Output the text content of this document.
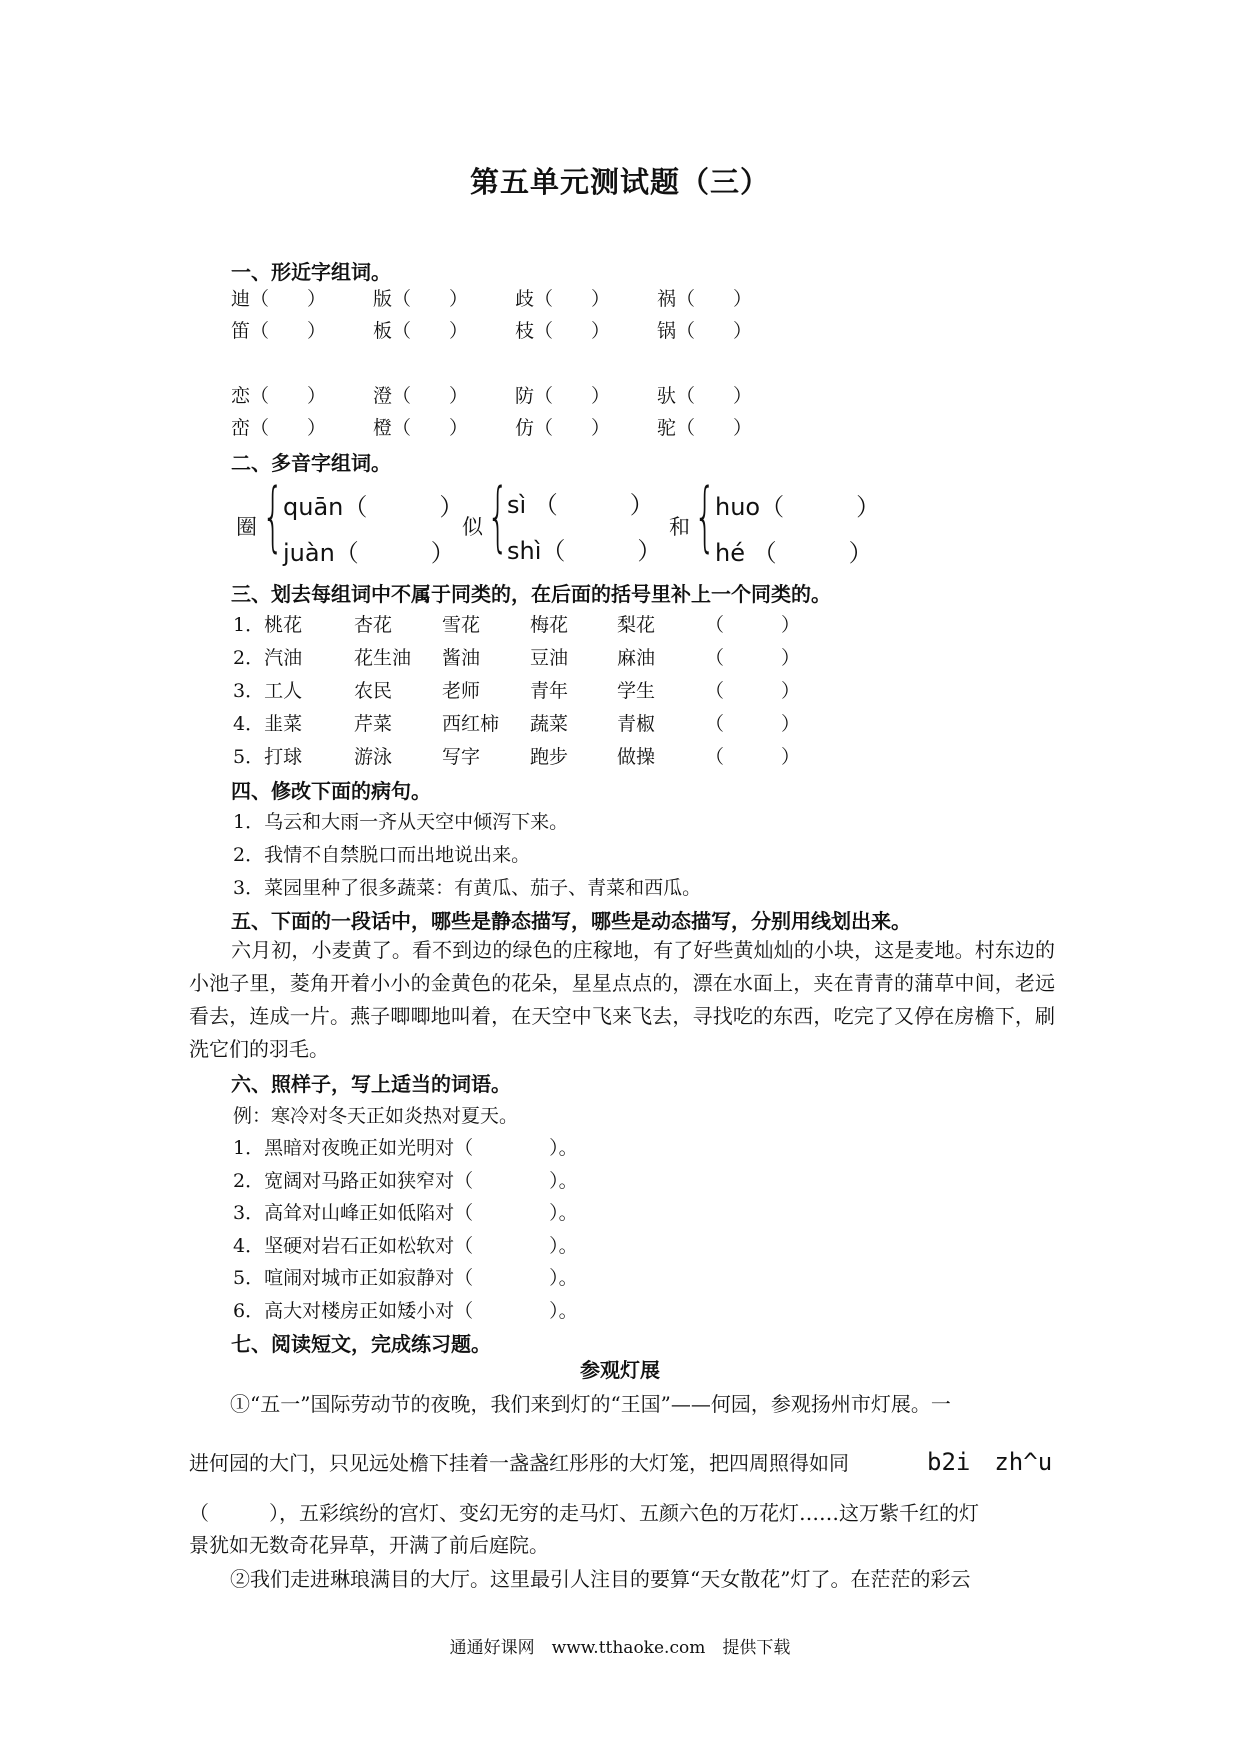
第五单元测试题（三）
一、形近字组词。
迪（　　） 版（　　） 歧（　　） 祸（　　）
笛（　　） 板（　　） 枝（　　） 锅（　　）
恋（　　） 澄（　　） 防（　　） 驮（　　）
峦（　　） 橙（　　） 仿（　　） 驼（　　）
二、多音字组词。
圈 { quān（　　　）
juàn（　　　）
似 {
sì （　　　）
shì（　　　）
和 { huo（　　　）
hé （　　　）
三、划去每组词中不属于同类的，在后面的括号里补上一个同类的。
1．桃花	杏花	雪花	梅花	梨花	（　　　）
2．汽油	花生油 酱油	豆油	麻油	（　　　）
3．工人	农民	老师	青年	学生	（　　　）
4．韭菜	芹菜	西红柿 蔬菜	青椒	（　　　）
5．打球	游泳	写字	跑步	做操	（　　　）
四、修改下面的病句。
1．乌云和大雨一齐从天空中倾泻下来。
2．我情不自禁脱口而出地说出来。
3．菜园里种了很多蔬菜：有黄瓜、茄子、青菜和西瓜。
五、下面的一段话中，哪些是静态描写，哪些是动态描写，分别用线划出来。
六月初，小麦黄了。看不到边的绿色的庄稼地，有了好些黄灿灿的小块，这是麦地。村东边的小池子里，菱角开着小小的金黄色的花朵，星星点点的，漂在水面上，夹在青青的蒲草中间，老远看去，连成一片。燕子唧唧地叫着，在天空中飞来飞去，寻找吃的东西，吃完了又停在房檐下，刷洗它们的羽毛。
六、照样子，写上适当的词语。
例：寒冷对冬天正如炎热对夏天。
1．黑暗对夜晚正如光明对（　　　　）。
2．宽阔对马路正如狭窄对（　　　　）。
3．高耸对山峰正如低陷对（　　　　）。
4．坚硬对岩石正如松软对（　　　　）。
5．喧闹对城市正如寂静对（　　　　）。
6．高大对楼房正如矮小对（　　　　）。
七、阅读短文，完成练习题。
参观灯展
①“五一”国际劳动节的夜晚，我们来到灯的“王国”——何园，参观扬州市灯展。一
进何园的大门，只见远处檐下挂着一盏盏红彤彤的大灯笼，把四周照得如同	b2i　zh^u
（　　　），五彩缤纷的宫灯、变幻无穷的走马灯、五颜六色的万花灯……这万紫千红的灯
景犹如无数奇花异草，开满了前后庭院。
②我们走进琳琅满目的大厅。这里最引人注目的要算“天女散花”灯了。在茫茫的彩云
通通好课网　www.tthaoke.com　提供下载
